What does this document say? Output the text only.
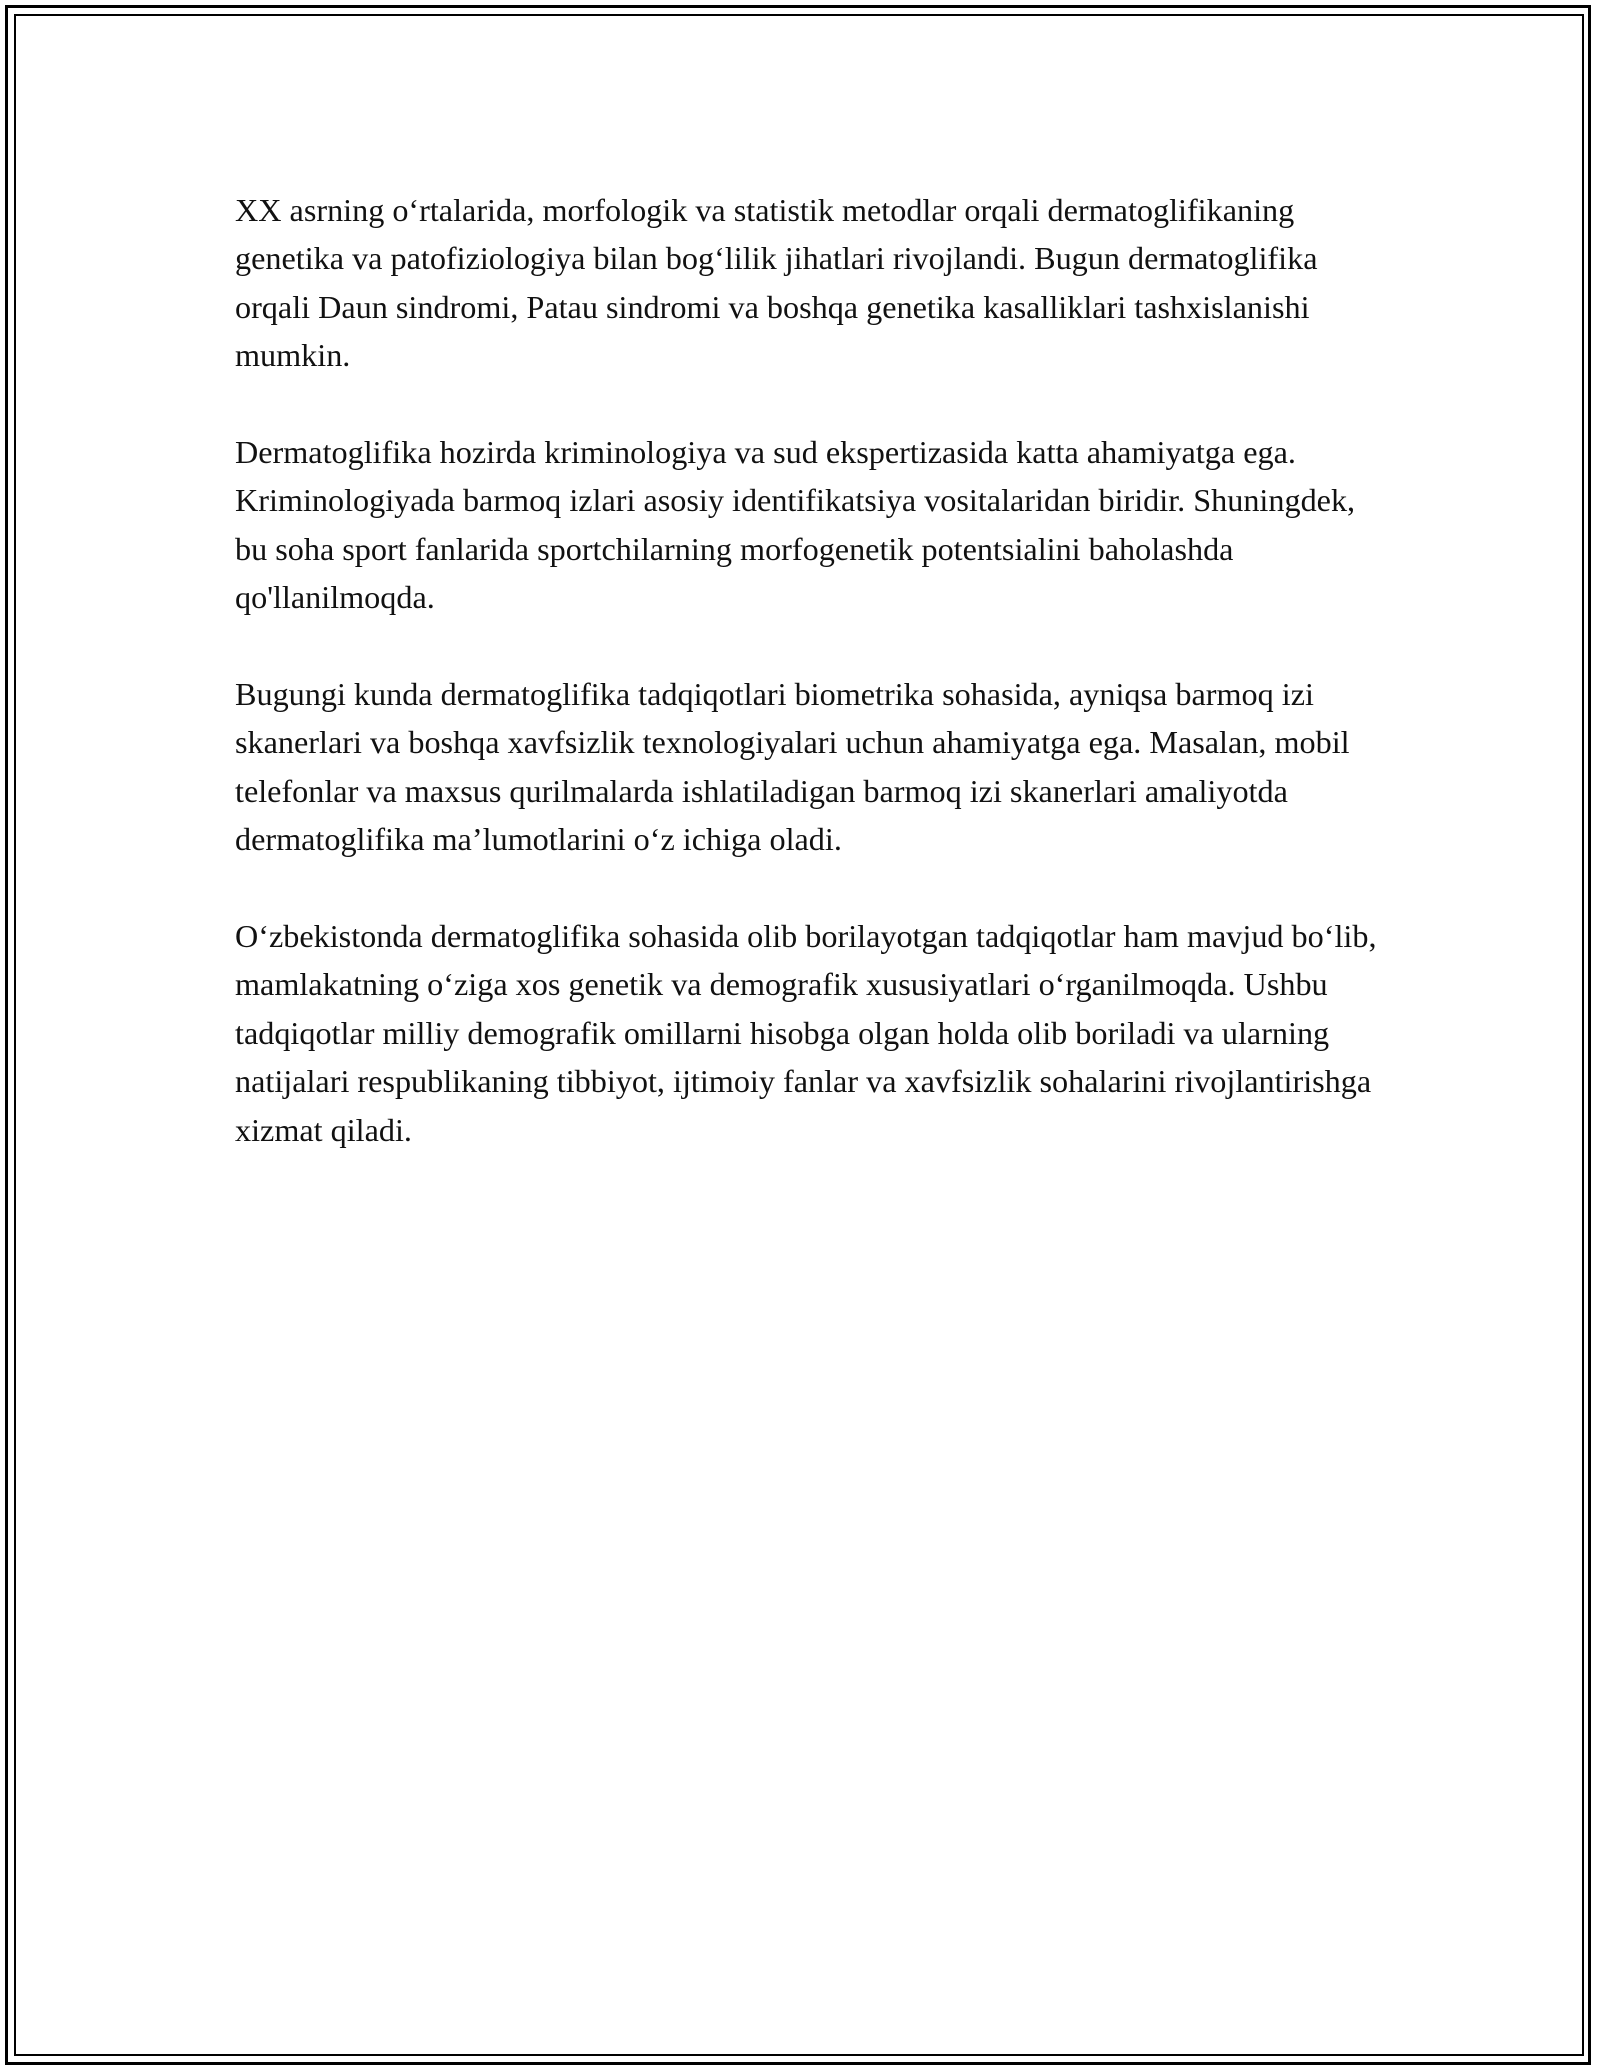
XX asrning o‘rtalarida, morfologik va statistik metodlar orqali dermatoglifikaning genetika va patofiziologiya bilan bog‘lilik jihatlari rivojlandi. Bugun dermatoglifika orqali Daun sindromi, Patau sindromi va boshqa genetika kasalliklari tashxislanishi mumkin.

Dermatoglifika hozirda kriminologiya va sud ekspertizasida katta ahamiyatga ega. Kriminologiyada barmoq izlari asosiy identifikatsiya vositalaridan biridir. Shuningdek, bu soha sport fanlarida sportchilarning morfogenetik potentsialini baholashda qo'llanilmoqda.

Bugungi kunda dermatoglifika tadqiqotlari biometrika sohasida, ayniqsa barmoq izi skanerlari va boshqa xavfsizlik texnologiyalari uchun ahamiyatga ega. Masalan, mobil telefonlar va maxsus qurilmalarda ishlatiladigan barmoq izi skanerlari amaliyotda dermatoglifika ma’lumotlarini o‘z ichiga oladi.

O‘zbekistonda dermatoglifika sohasida olib borilayotgan tadqiqotlar ham mavjud bo‘lib, mamlakatning o‘ziga xos genetik va demografik xususiyatlari o‘rganilmoqda. Ushbu tadqiqotlar milliy demografik omillarni hisobga olgan holda olib boriladi va ularning natijalari respublikaning tibbiyot, ijtimoiy fanlar va xavfsizlik sohalarini rivojlantirishga xizmat qiladi.
